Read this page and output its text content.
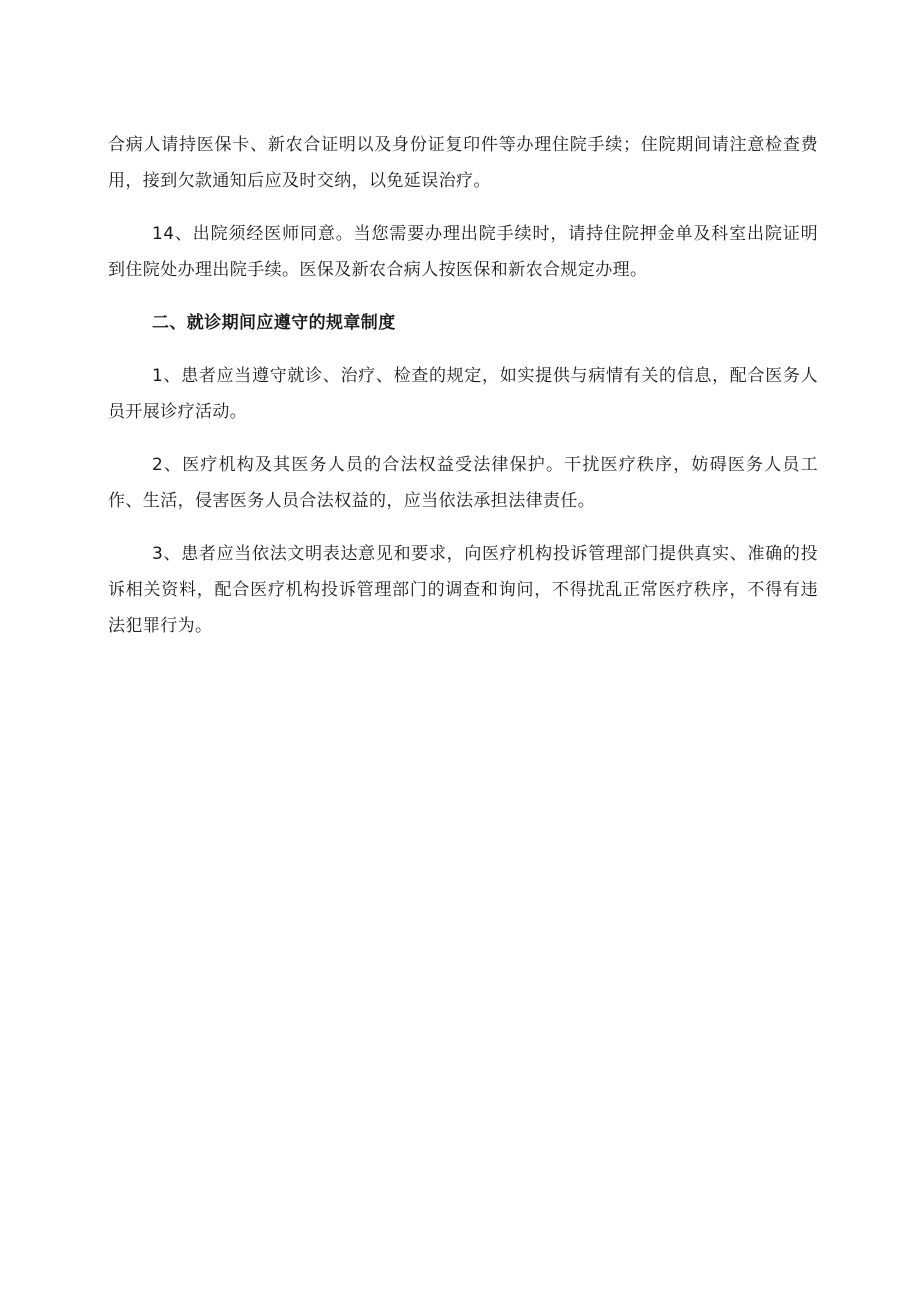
合病人请持医保卡、新农合证明以及身份证复印件等办理住院手续；住院期间请注意检查费用，接到欠款通知后应及时交纳，以免延误治疗。

14、出院须经医师同意。当您需要办理出院手续时，请持住院押金单及科室出院证明到住院处办理出院手续。医保及新农合病人按医保和新农合规定办理。

二、就诊期间应遵守的规章制度

1、患者应当遵守就诊、治疗、检查的规定，如实提供与病情有关的信息，配合医务人员开展诊疗活动。

2、医疗机构及其医务人员的合法权益受法律保护。干扰医疗秩序，妨碍医务人员工作、生活，侵害医务人员合法权益的，应当依法承担法律责任。

3、患者应当依法文明表达意见和要求，向医疗机构投诉管理部门提供真实、准确的投诉相关资料，配合医疗机构投诉管理部门的调查和询问，不得扰乱正常医疗秩序，不得有违法犯罪行为。
